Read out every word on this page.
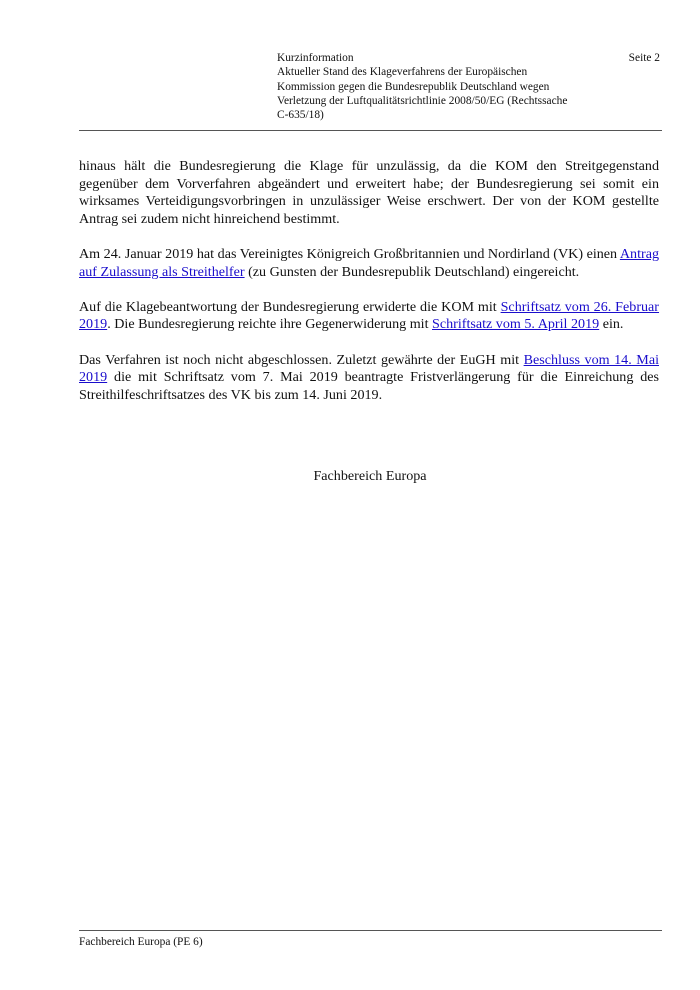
Kurzinformation
Aktueller Stand des Klageverfahrens der Europäischen
Kommission gegen die Bundesrepublik Deutschland wegen
Verletzung der Luftqualitätsrichtlinie 2008/50/EG (Rechtssache
C-635/18)
Seite 2

hinaus hält die Bundesregierung die Klage für unzulässig, da die KOM den Streitgegenstand gegenüber dem Vorverfahren abgeändert und erweitert habe; der Bundesregierung sei somit ein wirksames Verteidigungsvorbringen in unzulässiger Weise erschwert. Der von der KOM gestellte Antrag sei zudem nicht hinreichend bestimmt.

Am 24. Januar 2019 hat das Vereinigtes Königreich Großbritannien und Nordirland (VK) einen Antrag auf Zulassung als Streithelfer (zu Gunsten der Bundesrepublik Deutschland) eingereicht.

Auf die Klagebeantwortung der Bundesregierung erwiderte die KOM mit Schriftsatz vom 26. Februar 2019. Die Bundesregierung reichte ihre Gegenerwiderung mit Schriftsatz vom 5. April 2019 ein.

Das Verfahren ist noch nicht abgeschlossen. Zuletzt gewährte der EuGH mit Beschluss vom 14. Mai 2019 die mit Schriftsatz vom 7. Mai 2019 beantragte Fristverlängerung für die Einreichung des Streithilfeschriftsatzes des VK bis zum 14. Juni 2019.

Fachbereich Europa
Fachbereich Europa (PE 6)
